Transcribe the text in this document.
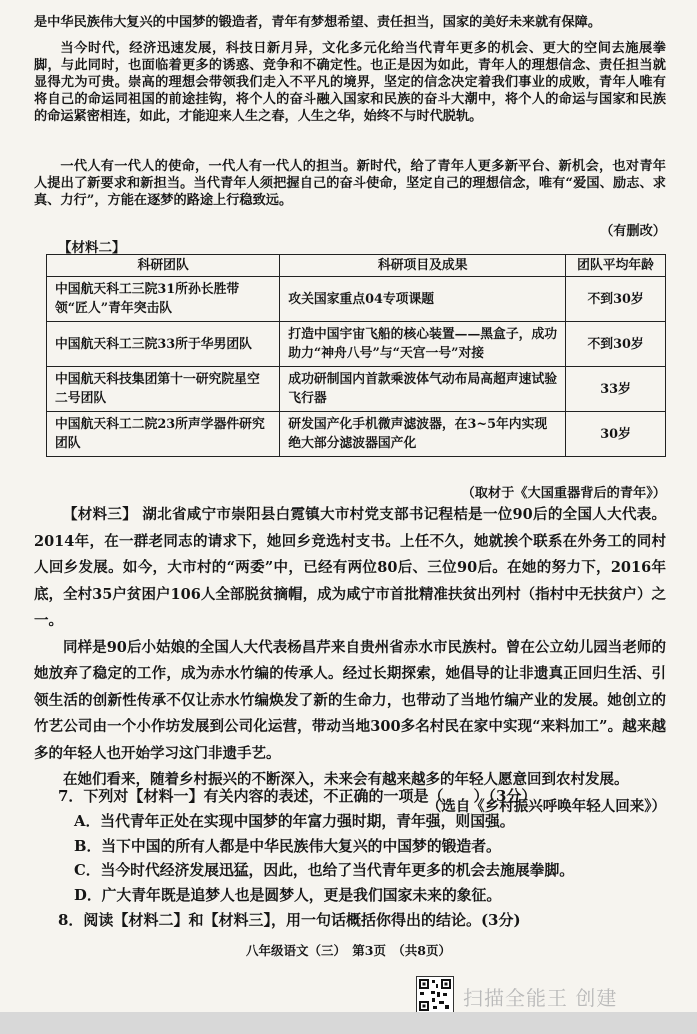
是中华民族伟大复兴的中国梦的锻造者，青年有梦想希望、责任担当，国家的美好未来就有保障。

当今时代，经济迅速发展，科技日新月异，文化多元化给当代青年更多的机会、更大的空间去施展拳脚，与此同时，也面临着更多的诱惑、竞争和不确定性。也正是因为如此，青年人的理想信念、责任担当就显得尤为可贵。崇高的理想会带领我们走入不平凡的境界，坚定的信念决定着我们事业的成败，青年人唯有将自己的命运同祖国的前途挂钩，将个人的奋斗融入国家和民族的奋斗大潮中，将个人的命运与国家和民族的命运紧密相连，如此，才能迎来人生之春，人生之华，始终不与时代脱轨。

一代人有一代人的使命，一代人有一代人的担当。新时代，给了青年人更多新平台、新机会，也对青年人提出了新要求和新担当。当代青年人须把握自己的奋斗使命，坚定自己的理想信念，唯有“爱国、励志、求真、力行”，方能在逐梦的路途上行稳致远。

（有删改）
【材料二】
科研团队	科研项目及成果	团队平均年龄
中国航天科工三院31所孙长胜带领“匠人”青年突击队	攻关国家重点04专项课题	不到30岁
中国航天科工三院33所于华男团队	打造中国宇宙飞船的核心装置——黑盒子，成功助力“神舟八号”与“天宫一号”对接	不到30岁
中国航天科技集团第十一研究院星空二号团队	成功研制国内首款乘波体气动布局高超声速试验飞行器	33岁
中国航天科工二院23所声学器件研究团队	研发国产化手机微声滤波器，在3~5年内实现绝大部分滤波器国产化	30岁
（取材于《大国重器背后的青年》）

【材料三】 湖北省咸宁市崇阳县白霓镇大市村党支部书记程桔是一位90后的全国人大代表。2014年，在一群老同志的请求下，她回乡竞选村支书。上任不久，她就挨个联系在外务工的同村人回乡发展。如今，大市村的“两委”中，已经有两位80后、三位90后。在她的努力下，2016年底，全村35户贫困户106人全部脱贫摘帽，成为咸宁市首批精准扶贫出列村（指村中无扶贫户）之一。

同样是90后小姑娘的全国人大代表杨昌芹来自贵州省赤水市民族村。曾在公立幼儿园当老师的她放弃了稳定的工作，成为赤水竹编的传承人。经过长期探索，她倡导的让非遗真正回归生活、引领生活的创新性传承不仅让赤水竹编焕发了新的生命力，也带动了当地竹编产业的发展。她创立的竹艺公司由一个小作坊发展到公司化运营，带动当地300多名村民在家中实现“来料加工”。越来越多的年轻人也开始学习这门非遗手艺。

在她们看来，随着乡村振兴的不断深入，未来会有越来越多的年轻人愿意回到农村发展。

（选自《乡村振兴呼唤年轻人回来》）

7．下列对【材料一】有关内容的表述，不正确的一项是（　　）（3分）
A．当代青年正处在实现中国梦的年富力强时期，青年强，则国强。
B．当下中国的所有人都是中华民族伟大复兴的中国梦的锻造者。
C．当今时代经济发展迅猛，因此，也给了当代青年更多的机会去施展拳脚。
D．广大青年既是追梦人也是圆梦人，更是我们国家未来的象征。
8．阅读【材料二】和【材料三】，用一句话概括你得出的结论。(3分)
八年级语文（三）　第3页　（共8页）
扫描全能王 创建
